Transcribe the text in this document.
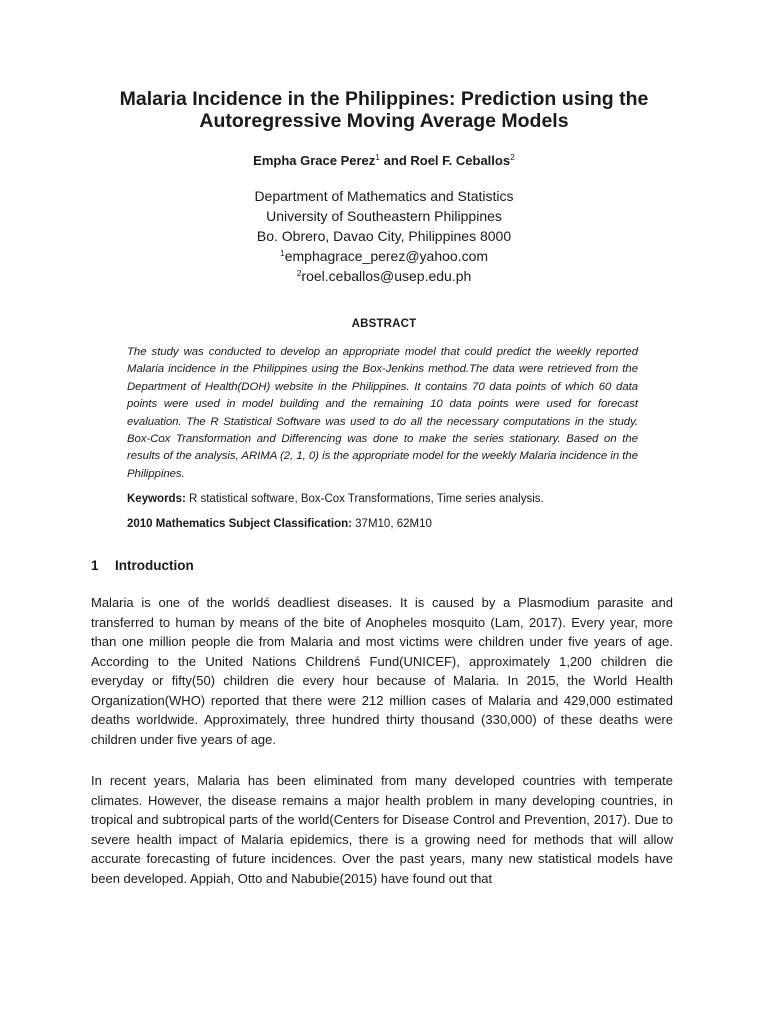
Malaria Incidence in the Philippines: Prediction using the
Autoregressive Moving Average Models
Empha Grace Perez$^1$ and Roel F. Ceballos$^2$
Department of Mathematics and Statistics
University of Southeastern Philippines
Bo. Obrero, Davao City, Philippines 8000
$^1$emphagrace_perez@yahoo.com
$^2$roel.ceballos@usep.edu.ph
ABSTRACT
The study was conducted to develop an appropriate model that could predict the weekly reported Malaria incidence in the Philippines using the Box-Jenkins method.The data were retrieved from the Department of Health(DOH) website in the Philippines. It contains 70 data points of which 60 data points were used in model building and the remaining 10 data points were used for forecast evaluation. The R Statistical Software was used to do all the necessary computations in the study. Box-Cox Transformation and Differencing was done to make the series stationary. Based on the results of the analysis, ARIMA (2, 1, 0) is the appropriate model for the weekly Malaria incidence in the Philippines.
Keywords: R statistical software, Box-Cox Transformations, Time series analysis.
2010 Mathematics Subject Classification: 37M10, 62M10
1 Introduction
Malaria is one of the worldś deadliest diseases. It is caused by a Plasmodium parasite and transferred to human by means of the bite of Anopheles mosquito (Lam, 2017). Every year, more than one million people die from Malaria and most victims were children under five years of age. According to the United Nations Childrenś Fund(UNICEF), approximately 1,200 children die everyday or fifty(50) children die every hour because of Malaria. In 2015, the World Health Organization(WHO) reported that there were 212 million cases of Malaria and 429,000 estimated deaths worldwide. Approximately, three hundred thirty thousand (330,000) of these deaths were children under five years of age.
In recent years, Malaria has been eliminated from many developed countries with temperate climates. However, the disease remains a major health problem in many developing countries, in tropical and subtropical parts of the world(Centers for Disease Control and Prevention, 2017). Due to severe health impact of Malaria epidemics, there is a growing need for methods that will allow accurate forecasting of future incidences. Over the past years, many new statistical models have been developed. Appiah, Otto and Nabubie(2015) have found out that
